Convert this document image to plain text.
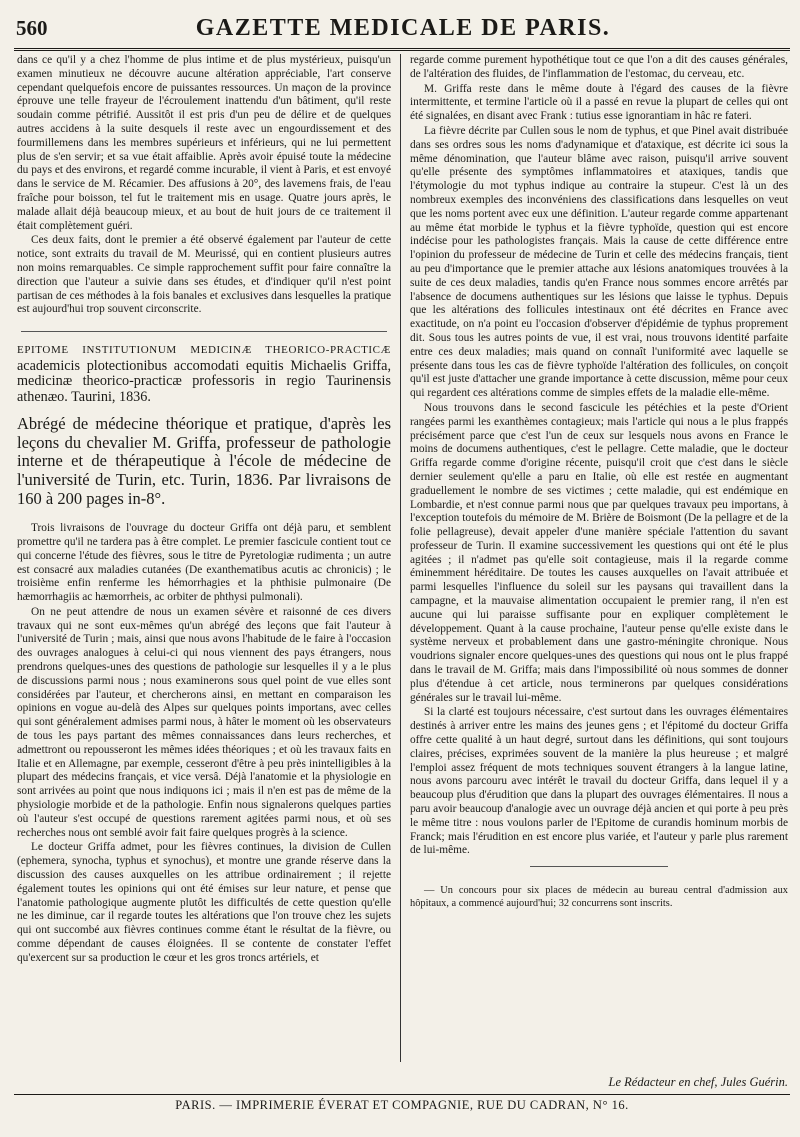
560	GAZETTE MEDICALE DE PARIS.

dans ce qu'il y a chez l'homme de plus intime et de plus mystérieux, puisqu'un examen minutieux ne découvre aucune altération appréciable, l'art conserve cependant quelquefois encore de puissantes ressources. Un maçon de la province éprouve une telle frayeur de l'écroulement inattendu d'un bâtiment, qu'il reste soudain comme pétrifié. Aussitôt il est pris d'un peu de délire et de quelques autres accidens à la suite desquels il reste avec un engourdissement et des fourmillemens dans les membres supérieurs et inférieurs, qui ne lui permettent plus de s'en servir; et sa vue était affaiblie. Après avoir épuisé toute la médecine du pays et des environs, et regardé comme incurable, il vient à Paris, et est envoyé dans le service de M. Récamier. Des affusions à 20°, des lavemens frais, de l'eau fraîche pour boisson, tel fut le traitement mis en usage. Quatre jours après, le malade allait déjà beaucoup mieux, et au bout de huit jours de ce traitement il était complètement guéri.

Ces deux faits, dont le premier a été observé également par l'auteur de cette notice, sont extraits du travail de M. Meurissé, qui en contient plusieurs autres non moins remarquables. Ce simple rapprochement suffit pour faire connaître la direction que l'auteur a suivie dans ses études, et d'indiquer qu'il n'est point partisan de ces méthodes à la fois banales et exclusives dans lesquelles la pratique est aujourd'hui trop souvent circonscrite.

EPITOME INSTITUTIONUM MEDICINÆ THEORICO-PRACTICÆ academicis plotectionibus accomodati equitis Michaelis Griffa, medicinæ theorico-practicæ professoris in regio Taurinensis athenæo. Taurini, 1836.

Abrégé de médecine théorique et pratique, d'après les leçons du chevalier M. Griffa, professeur de pathologie interne et de thérapeutique à l'école de médecine de l'université de Turin, etc. Turin, 1836. Par livraisons de 160 à 200 pages in-8°.

Trois livraisons de l'ouvrage du docteur Griffa ont déjà paru, et semblent promettre qu'il ne tardera pas à être complet. Le premier fascicule contient tout ce qui concerne l'étude des fièvres, sous le titre de Pyretologiæ rudimenta ; un autre est consacré aux maladies cutanées (De exanthematibus acutis ac chronicis) ; le troisième enfin renferme les hémorrhagies et la phthisie pulmonaire (De hæmorrhagiis ac hæmorrheis, ac orbiter de phthysi pulmonali).

On ne peut attendre de nous un examen sévère et raisonné de ces divers travaux qui ne sont eux-mêmes qu'un abrégé des leçons que fait l'auteur à l'université de Turin ; mais, ainsi que nous avons l'habitude de le faire à l'occasion des ouvrages analogues à celui-ci qui nous viennent des pays étrangers, nous prendrons quelques-unes des questions de pathologie sur lesquelles il y a le plus de discussions parmi nous ; nous examinerons sous quel point de vue elles sont considérées par l'auteur, et chercherons ainsi, en mettant en comparaison les opinions en vogue au-delà des Alpes sur quelques points importans, avec celles qui sont généralement admises parmi nous, à hâter le moment où les observateurs de tous les pays partant des mêmes connaissances dans leurs recherches, et admettront ou repousseront les mêmes idées théoriques ; et où les travaux faits en Italie et en Allemagne, par exemple, cesseront d'être à peu près inintelligibles à la plupart des médecins français, et vice versâ. Déjà l'anatomie et la physiologie en sont arrivées au point que nous indiquons ici ; mais il n'en est pas de même de la physiologie morbide et de la pathologie. Enfin nous signalerons quelques parties où l'auteur s'est occupé de questions rarement agitées parmi nous, et où ses recherches nous ont semblé avoir fait faire quelques progrès à la science.

Le docteur Griffa admet, pour les fièvres continues, la division de Cullen (ephemera, synocha, typhus et synochus), et montre une grande réserve dans la discussion des causes auxquelles on les attribue ordinairement ; il rejette également toutes les opinions qui ont été émises sur leur nature, et pense que l'anatomie pathologique augmente plutôt les difficultés de cette question qu'elle ne les diminue, car il regarde toutes les altérations que l'on trouve chez les sujets qui ont succombé aux fièvres continues comme étant le résultat de la fièvre, ou comme dépendant de causes éloignées. Il se contente de constater l'effet qu'exercent sur sa production le cœur et les gros troncs artériels, et

regarde comme purement hypothétique tout ce que l'on a dit des causes générales, de l'altération des fluides, de l'inflammation de l'estomac, du cerveau, etc.

M. Griffa reste dans le même doute à l'égard des causes de la fièvre intermittente, et termine l'article où il a passé en revue la plupart de celles qui ont été signalées, en disant avec Frank : tutius esse ignorantiam in hâc re fateri.

La fièvre décrite par Cullen sous le nom de typhus, et que Pinel avait distribuée dans ses ordres sous les noms d'adynamique et d'ataxique, est décrite ici sous la même dénomination, que l'auteur blâme avec raison, puisqu'il arrive souvent qu'elle présente des symptômes inflammatoires et ataxiques, tandis que l'étymologie du mot typhus indique au contraire la stupeur. C'est là un des nombreux exemples des inconvéniens des classifications dans lesquelles on veut que les noms portent avec eux une définition. L'auteur regarde comme appartenant au même état morbide le typhus et la fièvre typhoïde, question qui est encore indécise pour les pathologistes français. Mais la cause de cette différence entre l'opinion du professeur de médecine de Turin et celle des médecins français, tient au peu d'importance que le premier attache aux lésions anatomiques trouvées à la suite de ces deux maladies, tandis qu'en France nous sommes encore arrêtés par l'absence de documens authentiques sur les lésions que laisse le typhus. Depuis que les altérations des follicules intestinaux ont été décrites en France avec exactitude, on n'a point eu l'occasion d'observer d'épidémie de typhus proprement dit. Sous tous les autres points de vue, il est vrai, nous trouvons identité parfaite entre ces deux maladies; mais quand on connaît l'uniformité avec laquelle se présente dans tous les cas de fièvre typhoïde l'altération des follicules, on conçoit qu'il est juste d'attacher une grande importance à cette discussion, même pour ceux qui regardent ces altérations comme de simples effets de la maladie elle-même.

Nous trouvons dans le second fascicule les pétéchies et la peste d'Orient rangées parmi les exanthèmes contagieux; mais l'article qui nous a le plus frappés précisément parce que c'est l'un de ceux sur lesquels nous avons en France le moins de documens authentiques, c'est le pellagre. Cette maladie, que le docteur Griffa regarde comme d'origine récente, puisqu'il croit que c'est dans le siècle dernier seulement qu'elle a paru en Italie, où elle est restée en augmentant graduellement le nombre de ses victimes ; cette maladie, qui est endémique en Lombardie, et n'est connue parmi nous que par quelques travaux peu importans, à l'exception toutefois du mémoire de M. Brière de Boismont (De la pellagre et de la folie pellagreuse), devait appeler d'une manière spéciale l'attention du savant professeur de Turin. Il examine successivement les questions qui ont été le plus agitées ; il n'admet pas qu'elle soit contagieuse, mais il la regarde comme éminemment héréditaire. De toutes les causes auxquelles on l'avait attribuée et parmi lesquelles l'influence du soleil sur les paysans qui travaillent dans la campagne, et la mauvaise alimentation occupaient le premier rang, il n'en est aucune qui lui paraisse suffisante pour en expliquer complètement le développement. Quant à la cause prochaine, l'auteur pense qu'elle existe dans le système nerveux et probablement dans une gastro-méningite chronique. Nous voudrions signaler encore quelques-unes des questions qui nous ont le plus frappé dans le travail de M. Griffa; mais dans l'impossibilité où nous sommes de donner plus d'étendue à cet article, nous terminerons par quelques considérations générales sur le travail lui-même.

Si la clarté est toujours nécessaire, c'est surtout dans les ouvrages élémentaires destinés à arriver entre les mains des jeunes gens ; et l'épitomé du docteur Griffa offre cette qualité à un haut degré, surtout dans les définitions, qui sont toujours claires, précises, exprimées souvent de la manière la plus heureuse ; et malgré l'emploi assez fréquent de mots techniques souvent étrangers à la langue latine, nous avons parcouru avec intérêt le travail du docteur Griffa, dans lequel il y a beaucoup plus d'érudition que dans la plupart des ouvrages élémentaires. Il nous a paru avoir beaucoup d'analogie avec un ouvrage déjà ancien et qui porte à peu près le même titre : nous voulons parler de l'Epitome de curandis hominum morbis de Franck; mais l'érudition en est encore plus variée, et l'auteur y parle plus rarement de lui-même.

— Un concours pour six places de médecin au bureau central d'admission aux hôpitaux, a commencé aujourd'hui; 32 concurrens sont inscrits.

Le Rédacteur en chef, Jules Guérin.
PARIS. — IMPRIMERIE ÉVERAT ET COMPAGNIE, RUE DU CADRAN, N° 16.
